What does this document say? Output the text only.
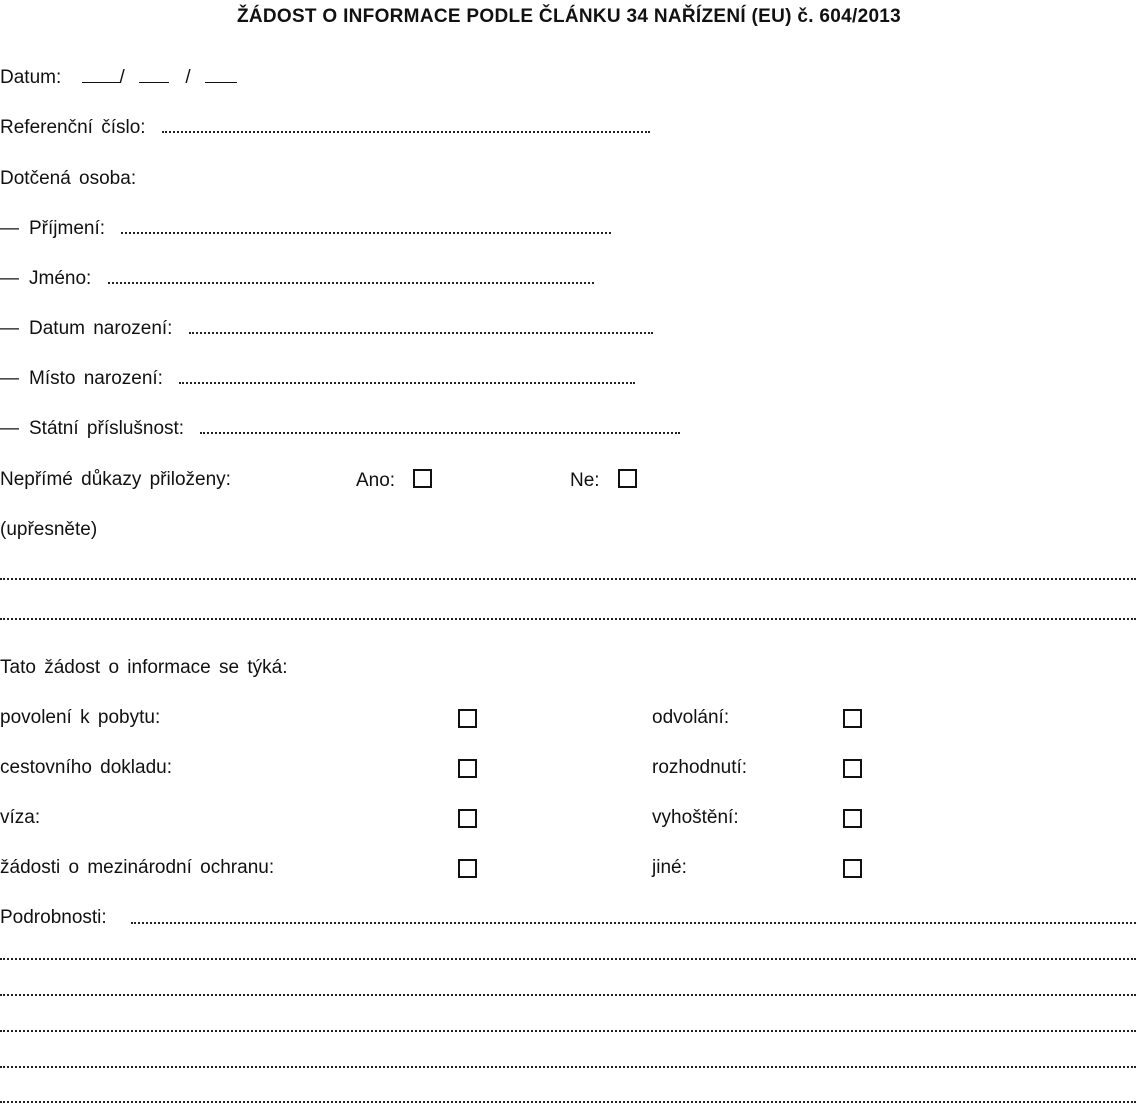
ŽÁDOST O INFORMACE PODLE ČLÁNKU 34 NAŘÍZENÍ (EU) č. 604/2013
Datum:	/	/
Referenční číslo:
Dotčená osoba:
— Příjmení:
— Jméno:
— Datum narození:
— Místo narození:
— Státní příslušnost:
Nepřímé důkazy přiloženy:	Ano:	Ne:
(upřesněte)
Tato žádost o informace se týká:
povolení k pobytu:	odvolání:
cestovního dokladu:	rozhodnutí:
víza:	vyhoštění:
žádosti o mezinárodní ochranu:	jiné:
Podrobnosti:
